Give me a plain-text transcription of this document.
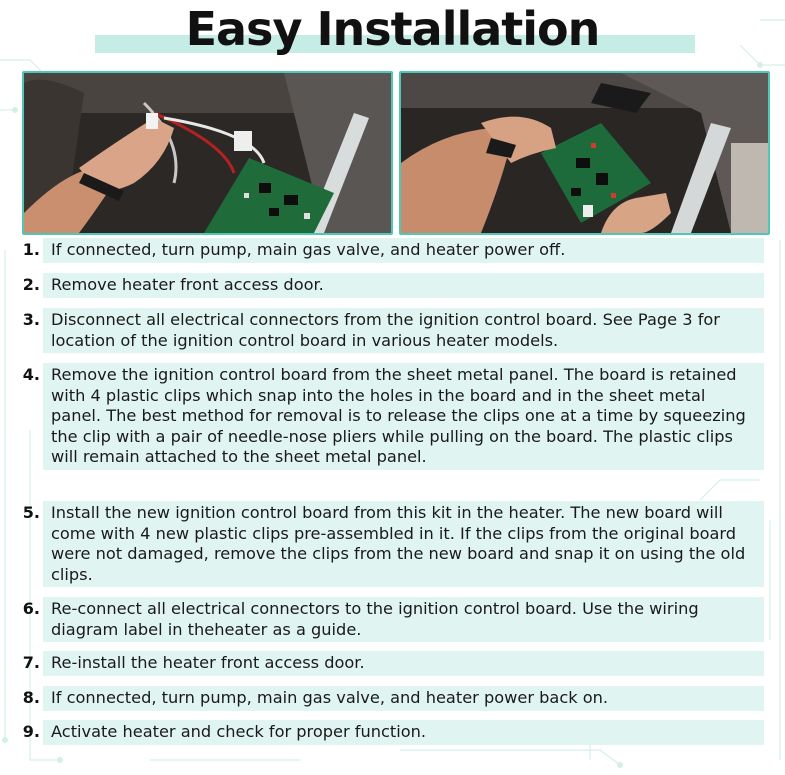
Easy Installation
1. If connected, turn pump, main gas valve, and heater power off.
2. Remove heater front access door.
3. Disconnect all electrical connectors from the ignition control board. See Page 3 for location of the ignition control board in various heater models.
4. Remove the ignition control board from the sheet metal panel. The board is retained with 4 plastic clips which snap into the holes in the board and in the sheet metal panel. The best method for removal is to release the clips one at a time by squeezing the clip with a pair of needle-nose pliers while pulling on the board. The plastic clips will remain attached to the sheet metal panel.
5. Install the new ignition control board from this kit in the heater. The new board will come with 4 new plastic clips pre-assembled in it. If the clips from the original board were not damaged, remove the clips from the new board and snap it on using the old clips.
6. Re-connect all electrical connectors to the ignition control board. Use the wiring diagram label in theheater as a guide.
7. Re-install the heater front access door.
8. If connected, turn pump, main gas valve, and heater power back on.
9. Activate heater and check for proper function.
